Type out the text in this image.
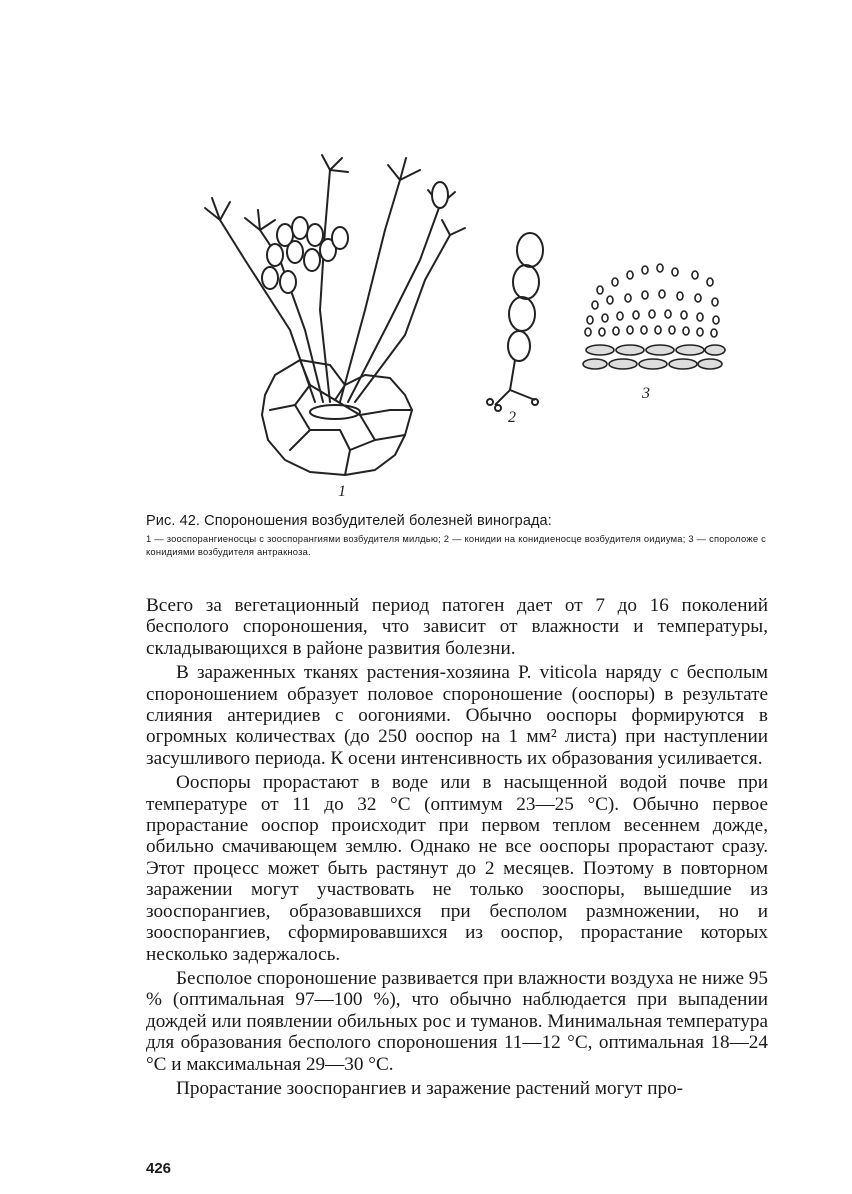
1
2
3
Рис. 42. Спороношения возбудителей болезней винограда:
1 — зооспорангиеносцы с зооспорангиями возбудителя милдью; 2 — конидии на конидиеносце возбудителя оидиума; 3 — спороложе с конидиями возбудителя антракноза.

Всего за вегетационный период патоген дает от 7 до 16 поколений бесполого спороношения, что зависит от влажности и температуры, складывающихся в районе развития болезни.

В зараженных тканях растения-хозяина P. viticola наряду с бесполым спороношением образует половое спороношение (ооспоры) в результате слияния антеридиев с оогониями. Обычно ооспоры формируются в огромных количествах (до 250 ооспор на 1 мм² листа) при наступлении засушливого периода. К осени интенсивность их образования усиливается.

Ооспоры прорастают в воде или в насыщенной водой почве при температуре от 11 до 32 °С (оптимум 23—25 °С). Обычно первое прорастание ооспор происходит при первом теплом весеннем дожде, обильно смачивающем землю. Однако не все ооспоры прорастают сразу. Этот процесс может быть растянут до 2 месяцев. Поэтому в повторном заражении могут участвовать не только зооспоры, вышедшие из зооспорангиев, образовавшихся при бесполом размножении, но и зооспорангиев, сформировавшихся из ооспор, прорастание которых несколько задержалось.

Бесполое спороношение развивается при влажности воздуха не ниже 95 % (оптимальная 97—100 %), что обычно наблюдается при выпадении дождей или появлении обильных рос и туманов. Минимальная температура для образования бесполого спороношения 11—12 °С, оптимальная 18—24 °С и максимальная 29—30 °С.

Прорастание зооспорангиев и заражение растений могут про-

426
